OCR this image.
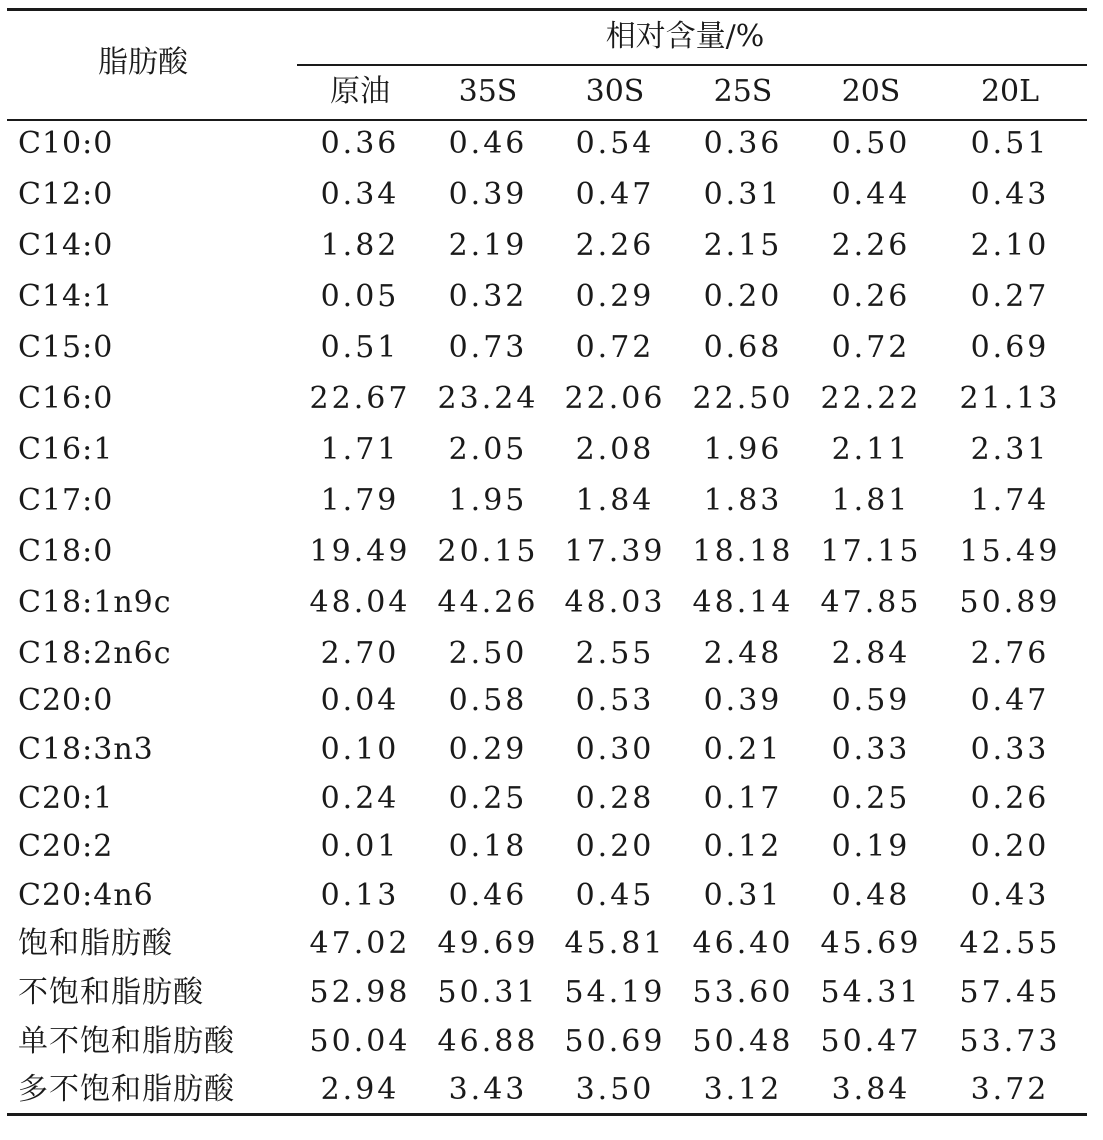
脂肪酸
相对含量/%
原油	35S	30S	25S	20S	20L
C10:0	0.36	0.46	0.54	0.36	0.50	0.51
C12:0	0.34	0.39	0.47	0.31	0.44	0.43
C14:0	1.82	2.19	2.26	2.15	2.26	2.10
C14:1	0.05	0.32	0.29	0.20	0.26	0.27
C15:0	0.51	0.73	0.72	0.68	0.72	0.69
C16:0	22.67 23.24 22.06 22.50 22.22	21.13
C16:1	1.71	2.05	2.08	1.96	2.11	2.31
C17:0	1.79	1.95	1.84	1.83	1.81	1.74
C18:0	19.49 20.15 17.39 18.18 17.15	15.49
C18:1n9c	48.04 44.26 48.03 48.14 47.85	50.89
C18:2n6c	2.70	2.50	2.55	2.48	2.84	2.76
C20:0	0.04	0.58	0.53	0.39	0.59	0.47
C18:3n3	0.10	0.29	0.30	0.21	0.33	0.33
C20:1	0.24	0.25	0.28	0.17	0.25	0.26
C20:2	0.01	0.18	0.20	0.12	0.19	0.20
C20:4n6	0.13	0.46	0.45	0.31	0.48	0.43
饱和脂肪酸	47.02 49.69 45.81 46.40 45.69	42.55
不饱和脂肪酸	52.98 50.31 54.19 53.60 54.31	57.45
单不饱和脂肪酸	50.04 46.88 50.69 50.48 50.47	53.73
多不饱和脂肪酸	2.94	3.43	3.50	3.12	3.84	3.72
